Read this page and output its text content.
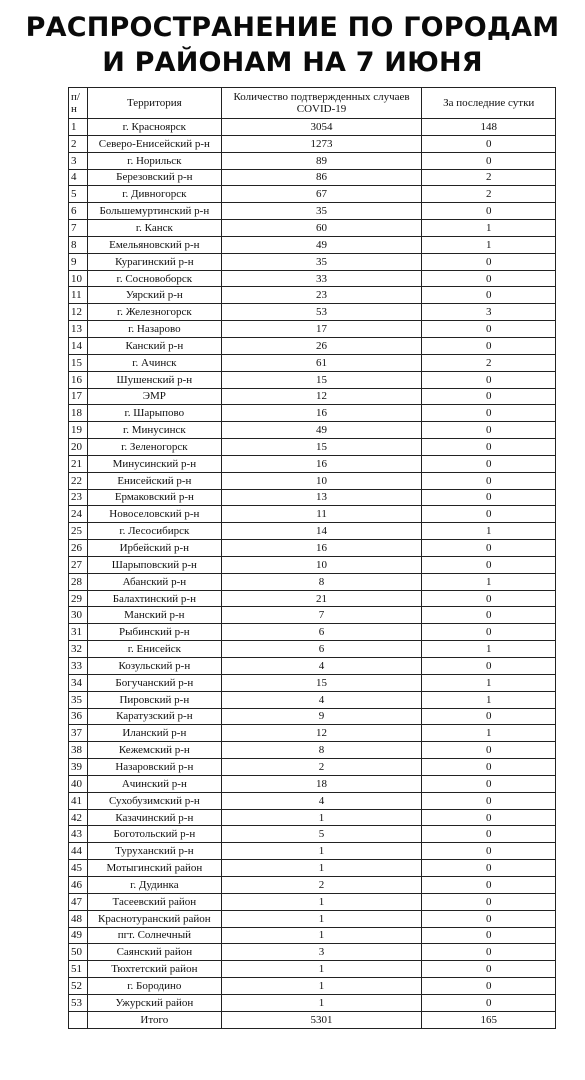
РАСПРОСТРАНЕНИЕ ПО ГОРОДАМ
И РАЙОНАМ НА 7 ИЮНЯ
п/н	Территория	Количество подтвержденных случаев COVID-19	За последние сутки
1	г. Красноярск	3054	148
2	Северо-Енисейский р-н	1273	0
3	г. Норильск	89	0
4	Березовский р-н	86	2
5	г. Дивногорск	67	2
6	Большемуртинский р-н	35	0
7	г. Канск	60	1
8	Емельяновский р-н	49	1
9	Курагинский р-н	35	0
10	г. Сосновоборск	33	0
11	Уярский р-н	23	0
12	г. Железногорск	53	3
13	г. Назарово	17	0
14	Канский р-н	26	0
15	г. Ачинск	61	2
16	Шушенский р-н	15	0
17	ЭМР	12	0
18	г. Шарыпово	16	0
19	г. Минусинск	49	0
20	г. Зеленогорск	15	0
21	Минусинский р-н	16	0
22	Енисейский р-н	10	0
23	Ермаковский р-н	13	0
24	Новоселовский р-н	11	0
25	г. Лесосибирск	14	1
26	Ирбейский р-н	16	0
27	Шарыповский р-н	10	0
28	Абанский р-н	8	1
29	Балахтинский р-н	21	0
30	Манский р-н	7	0
31	Рыбинский р-н	6	0
32	г. Енисейск	6	1
33	Козульский р-н	4	0
34	Богучанский р-н	15	1
35	Пировский р-н	4	1
36	Каратузский р-н	9	0
37	Иланский р-н	12	1
38	Кежемский р-н	8	0
39	Назаровский р-н	2	0
40	Ачинский р-н	18	0
41	Сухобузимский р-н	4	0
42	Казачинский р-н	1	0
43	Боготольский р-н	5	0
44	Туруханский р-н	1	0
45	Мотыгинский район	1	0
46	г. Дудинка	2	0
47	Тасеевский район	1	0
48	Краснотуранский район	1	0
49	пгт. Солнечный	1	0
50	Саянский район	3	0
51	Тюхтетский район	1	0
52	г. Бородино	1	0
53	Ужурский район	1	0
	Итого	5301	165
